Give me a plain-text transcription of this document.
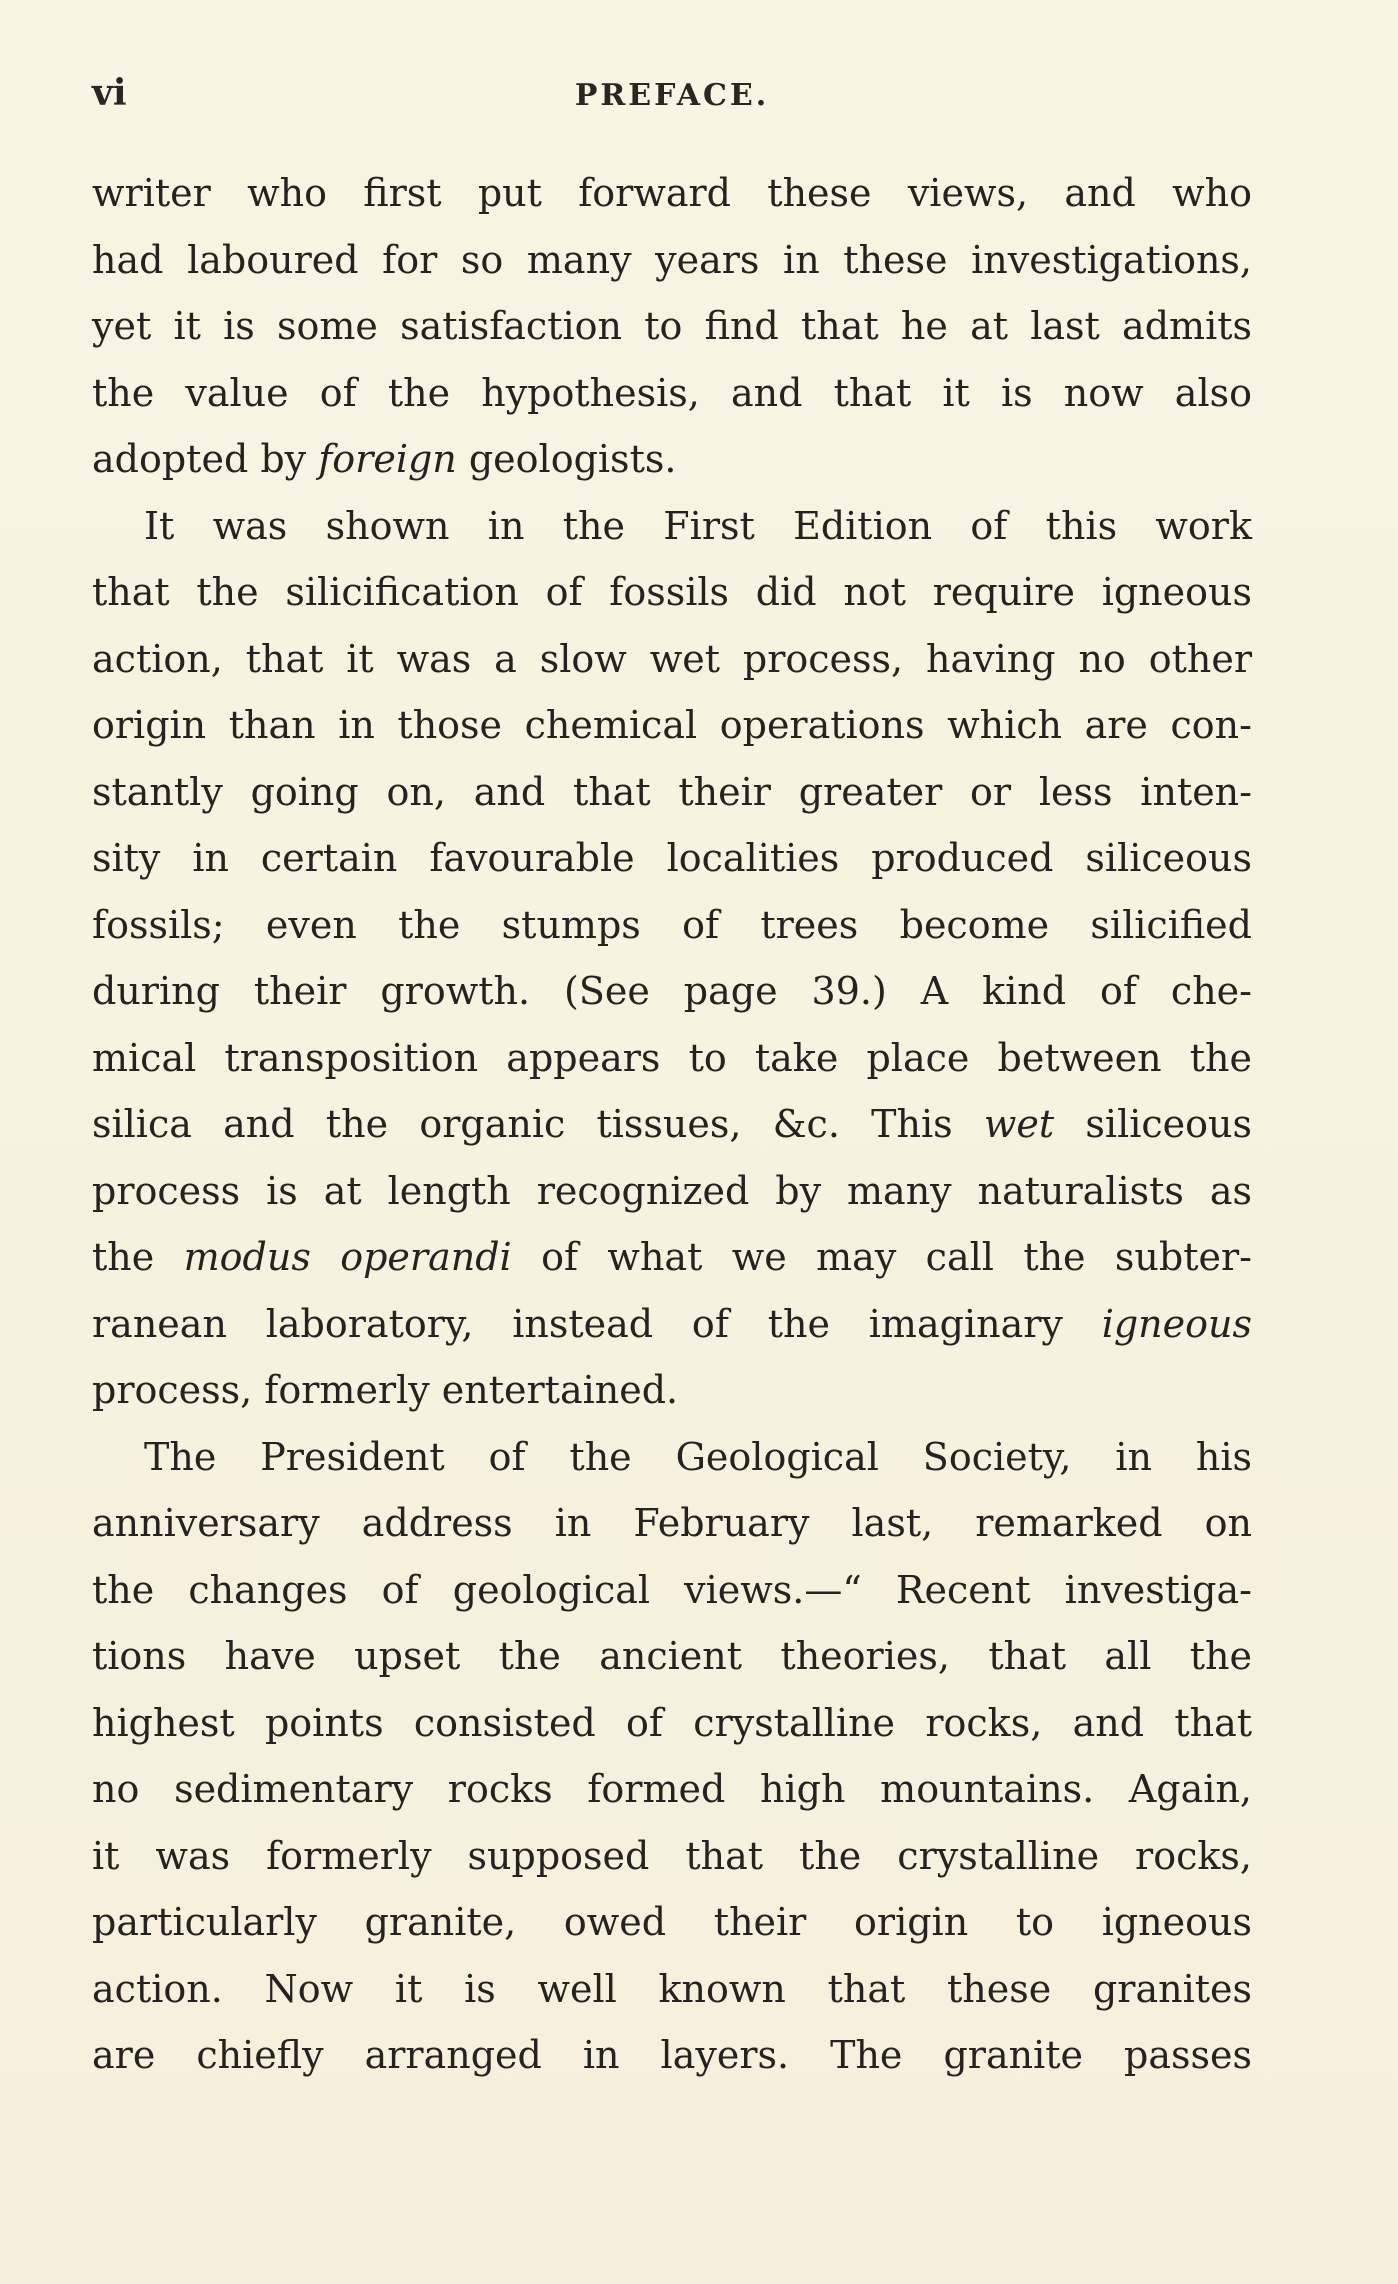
vi	PREFACE.
writer who first put forward these views, and who
had laboured for so many years in these investigations,
yet it is some satisfaction to find that he at last admits
the value of the hypothesis, and that it is now also
adopted by foreign geologists.
It was shown in the First Edition of this work
that the silicification of fossils did not require igneous
action, that it was a slow wet process, having no other
origin than in those chemical operations which are con-
stantly going on, and that their greater or less inten-
sity in certain favourable localities produced siliceous
fossils; even the stumps of trees become silicified
during their growth. (See page 39.) A kind of che-
mical transposition appears to take place between the
silica and the organic tissues, &c. This wet siliceous
process is at length recognized by many naturalists as
the modus operandi of what we may call the subter-
ranean laboratory, instead of the imaginary igneous
process, formerly entertained.
The President of the Geological Society, in his
anniversary address in February last, remarked on
the changes of geological views.—“ Recent investiga-
tions have upset the ancient theories, that all the
highest points consisted of crystalline rocks, and that
no sedimentary rocks formed high mountains. Again,
it was formerly supposed that the crystalline rocks,
particularly granite, owed their origin to igneous
action. Now it is well known that these granites
are chiefly arranged in layers. The granite passes
